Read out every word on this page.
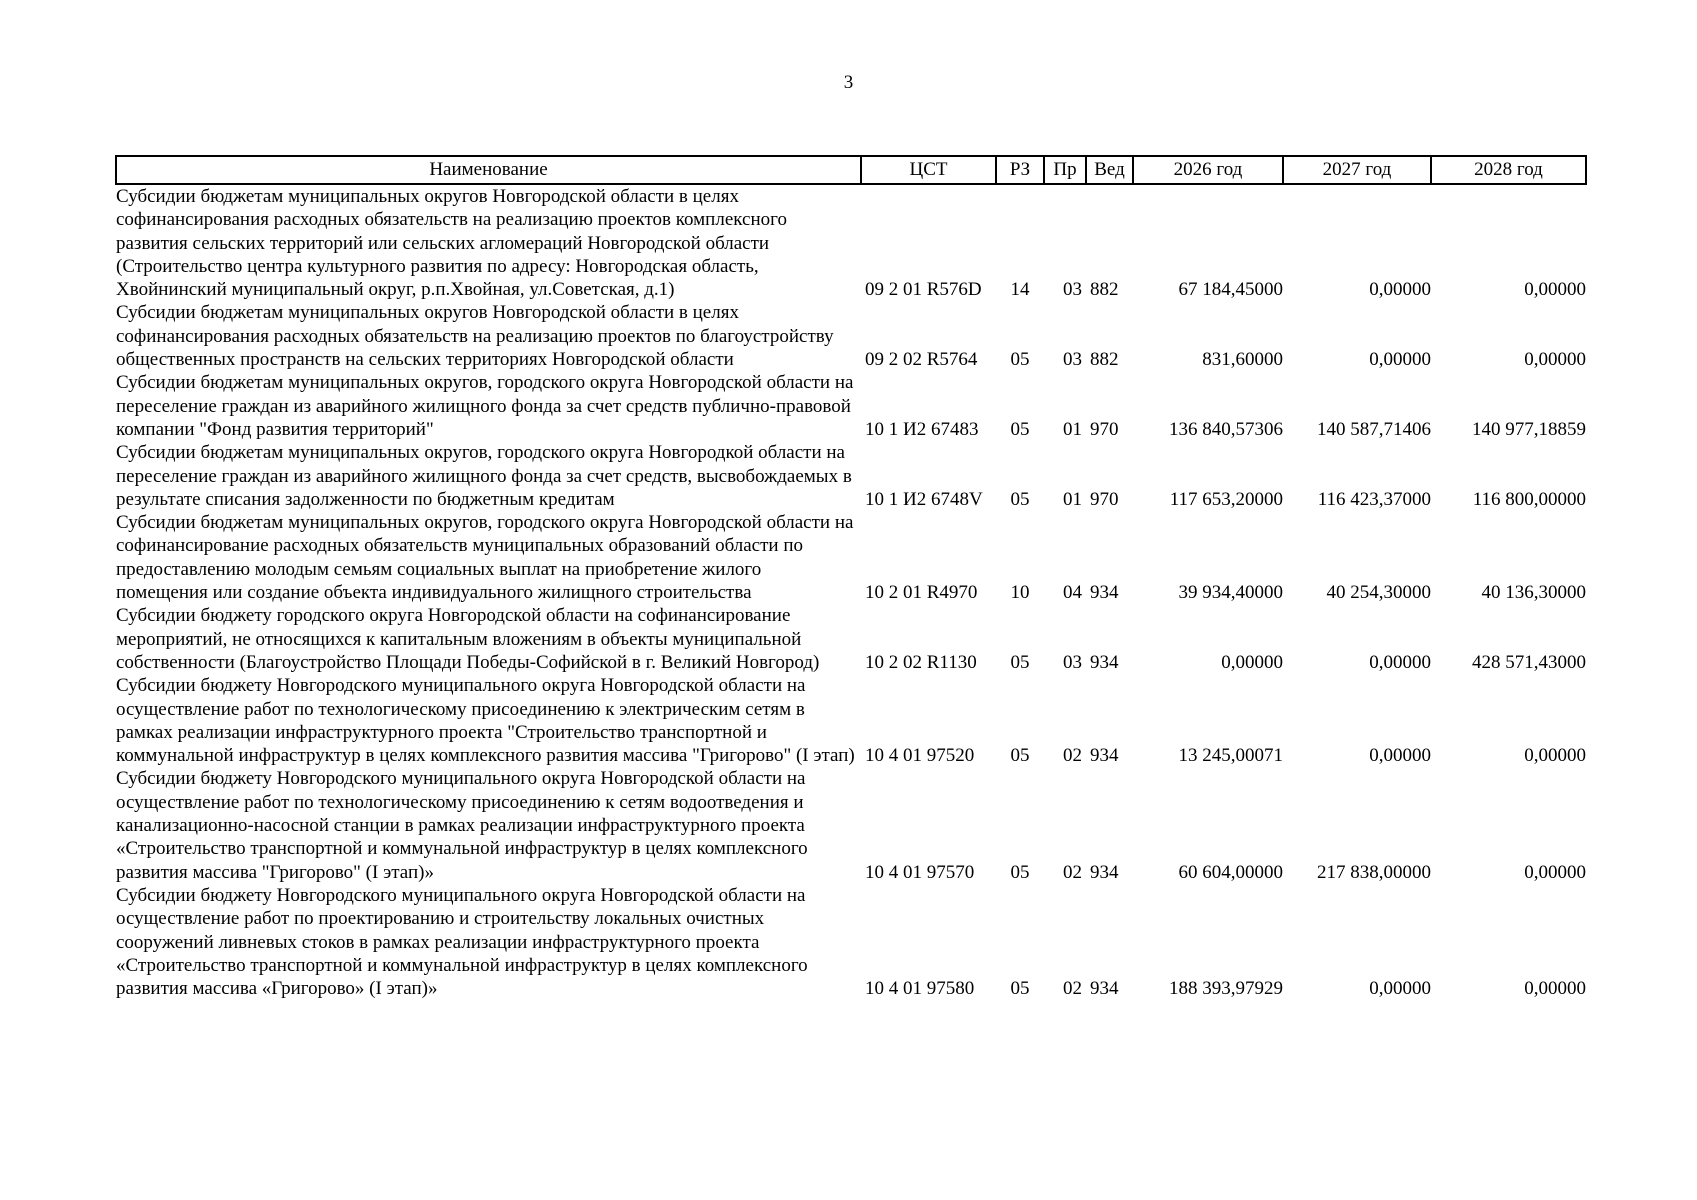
3
Наименование	ЦСТ	РЗ	Пр	Вед	2026 год	2027 год	2028 год
Субсидии бюджетам муниципальных округов Новгородской области в целях софинансирования расходных обязательств на реализацию проектов комплексного развития сельских территорий или сельских агломераций Новгородской области (Строительство центра культурного развития по адресу: Новгородская область, Хвойнинский муниципальный округ, р.п.Хвойная, ул.Советская, д.1)	09 2 01 R576D	14	03	882	67 184,45000	0,00000	0,00000
Субсидии бюджетам муниципальных округов Новгородской области в целях софинансирования расходных обязательств на реализацию проектов по благоустройству общественных пространств на сельских территориях Новгородской области	09 2 02 R5764	05	03	882	831,60000	0,00000	0,00000
Субсидии бюджетам муниципальных округов, городского округа Новгородской области на переселение граждан из аварийного жилищного фонда за счет средств публично-правовой компании "Фонд развития территорий"	10 1 И2 67483	05	01	970	136 840,57306	140 587,71406	140 977,18859
Субсидии бюджетам муниципальных округов, городского округа Новгородкой области на переселение граждан из аварийного жилищного фонда за счет средств, высвобождаемых в результате списания задолженности по бюджетным кредитам	10 1 И2 6748V	05	01	970	117 653,20000	116 423,37000	116 800,00000
Субсидии бюджетам муниципальных округов, городского округа Новгородской области на софинансирование расходных обязательств муниципальных образований области по предоставлению молодым семьям социальных выплат на приобретение жилого помещения или создание объекта индивидуального жилищного строительства	10 2 01 R4970	10	04	934	39 934,40000	40 254,30000	40 136,30000
Субсидии бюджету городского округа Новгородской области на софинансирование мероприятий, не относящихся к капитальным вложениям в объекты муниципальной собственности (Благоустройство Площади Победы-Софийской в г. Великий Новгород)	10 2 02 R1130	05	03	934	0,00000	0,00000	428 571,43000
Субсидии бюджету Новгородского муниципального округа Новгородской области на осуществление работ по технологическому присоединению к электрическим сетям в рамках реализации инфраструктурного проекта "Строительство транспортной и коммунальной инфраструктур в целях комплексного развития массива "Григорово" (I этап)	10 4 01 97520	05	02	934	13 245,00071	0,00000	0,00000
Субсидии бюджету Новгородского муниципального округа Новгородской области на осуществление работ по технологическому присоединению к сетям водоотведения и канализационно-насосной станции в рамках реализации инфраструктурного проекта «Строительство транспортной и коммунальной инфраструктур в целях комплексного развития массива "Григорово" (I этап)»	10 4 01 97570	05	02	934	60 604,00000	217 838,00000	0,00000
Субсидии бюджету Новгородского муниципального округа Новгородской области на осуществление работ по проектированию и строительству локальных очистных сооружений ливневых стоков в рамках реализации инфраструктурного проекта «Строительство транспортной и коммунальной инфраструктур в целях комплексного развития массива «Григорово» (I этап)»	10 4 01 97580	05	02	934	188 393,97929	0,00000	0,00000
